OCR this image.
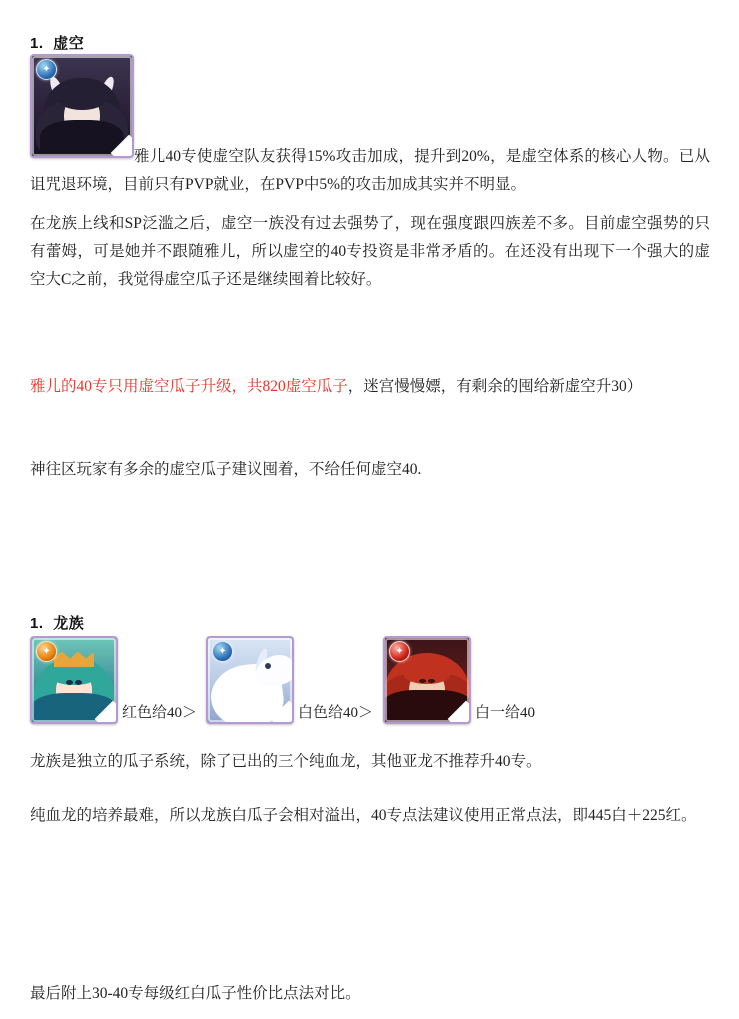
1. 虚空
✦
雅儿40专使虚空队友获得15%攻击加成，提升到20%，是虚空体系的核心人物。已从诅咒退环境，目前只有PVP就业，在PVP中5%的攻击加成其实并不明显。
在龙族上线和SP泛滥之后，虚空一族没有过去强势了，现在强度跟四族差不多。目前虚空强势的只有蕾姆，可是她并不跟随雅儿，所以虚空的40专投资是非常矛盾的。在还没有出现下一个强大的虚空大C之前，我觉得虚空瓜子还是继续囤着比较好。
雅儿的40专只用虚空瓜子升级，共820虚空瓜子，迷宫慢慢嫖，有剩余的囤给新虚空升30）
神往区玩家有多余的虚空瓜子建议囤着，不给任何虚空40.
1. 龙族
✦
红色给40＞
✦
白色给40＞
✦
白一给40
龙族是独立的瓜子系统，除了已出的三个纯血龙，其他亚龙不推荐升40专。
纯血龙的培养最难，所以龙族白瓜子会相对溢出，40专点法建议使用正常点法，即445白＋225红。
最后附上30-40专每级红白瓜子性价比点法对比。
